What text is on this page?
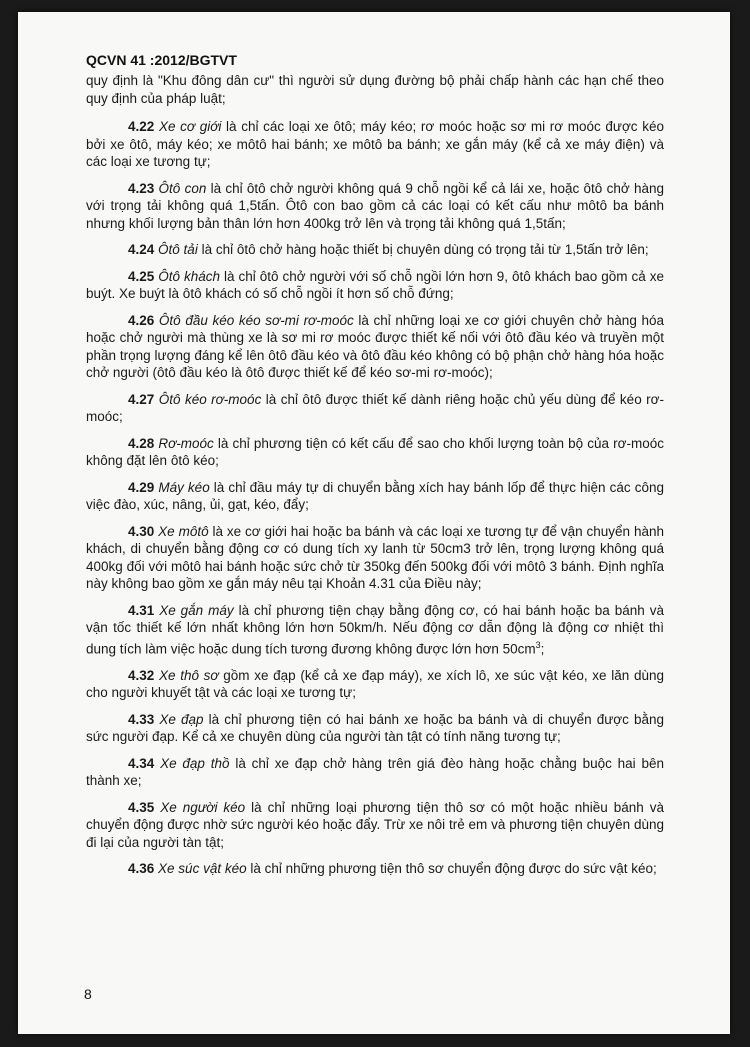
QCVN 41 :2012/BGTVT

quy định là "Khu đông dân cư" thì người sử dụng đường bộ phải chấp hành các hạn chế theo quy định của pháp luật;

4.22 Xe cơ giới là chỉ các loại xe ôtô; máy kéo; rơ moóc hoặc sơ mi rơ moóc được kéo bởi xe ôtô, máy kéo; xe môtô hai bánh; xe môtô ba bánh; xe gắn máy (kể cả xe máy điện) và các loại xe tương tự;

4.23 Ôtô con là chỉ ôtô chở người không quá 9 chỗ ngồi kể cả lái xe, hoặc ôtô chở hàng với trọng tải không quá 1,5tấn. Ôtô con bao gồm cả các loại có kết cấu như môtô ba bánh nhưng khối lượng bản thân lớn hơn 400kg trở lên và trọng tải không quá 1,5tấn;

4.24 Ôtô tải là chỉ ôtô chở hàng hoặc thiết bị chuyên dùng có trọng tải từ 1,5tấn trở lên;

4.25 Ôtô khách là chỉ ôtô chở người với số chỗ ngồi lớn hơn 9, ôtô khách bao gồm cả xe buýt. Xe buýt là ôtô khách có số chỗ ngồi ít hơn số chỗ đứng;

4.26 Ôtô đầu kéo kéo sơ-mi rơ-moóc là chỉ những loại xe cơ giới chuyên chở hàng hóa hoặc chở người mà thùng xe là sơ mi rơ moóc được thiết kế nối với ôtô đầu kéo và truyền một phần trọng lượng đáng kể lên ôtô đầu kéo và ôtô đầu kéo không có bộ phận chở hàng hóa hoặc chở người (ôtô đầu kéo là ôtô được thiết kế để kéo sơ-mi rơ-moóc);

4.27 Ôtô kéo rơ-moóc là chỉ ôtô được thiết kế dành riêng hoặc chủ yếu dùng để kéo rơ-moóc;

4.28 Rơ-moóc là chỉ phương tiện có kết cấu để sao cho khối lượng toàn bộ của rơ-moóc không đặt lên ôtô kéo;

4.29 Máy kéo là chỉ đầu máy tự di chuyển bằng xích hay bánh lốp để thực hiện các công việc đào, xúc, nâng, ủi, gạt, kéo, đẩy;

4.30 Xe môtô là xe cơ giới hai hoặc ba bánh và các loại xe tương tự để vận chuyển hành khách, di chuyển bằng động cơ có dung tích xy lanh từ 50cm3 trở lên, trọng lượng không quá 400kg đối với môtô hai bánh hoặc sức chở từ 350kg đến 500kg đối với môtô 3 bánh. Định nghĩa này không bao gồm xe gắn máy nêu tại Khoản 4.31 của Điều này;

4.31 Xe gắn máy là chỉ phương tiện chạy bằng động cơ, có hai bánh hoặc ba bánh và vận tốc thiết kế lớn nhất không lớn hơn 50km/h. Nếu động cơ dẫn động là động cơ nhiệt thì dung tích làm việc hoặc dung tích tương đương không được lớn hơn $50cm^3$;

4.32 Xe thô sơ gồm xe đạp (kể cả xe đạp máy), xe xích lô, xe súc vật kéo, xe lăn dùng cho người khuyết tật và các loại xe tương tự;

4.33 Xe đạp là chỉ phương tiện có hai bánh xe hoặc ba bánh và di chuyển được bằng sức người đạp. Kể cả xe chuyên dùng của người tàn tật có tính năng tương tự;

4.34 Xe đạp thồ là chỉ xe đạp chở hàng trên giá đèo hàng hoặc chằng buộc hai bên thành xe;

4.35 Xe người kéo là chỉ những loại phương tiện thô sơ có một hoặc nhiều bánh và chuyển động được nhờ sức người kéo hoặc đẩy. Trừ xe nôi trẻ em và phương tiện chuyên dùng đi lại của người tàn tật;

4.36 Xe súc vật kéo là chỉ những phương tiện thô sơ chuyển động được do sức vật kéo;

8
